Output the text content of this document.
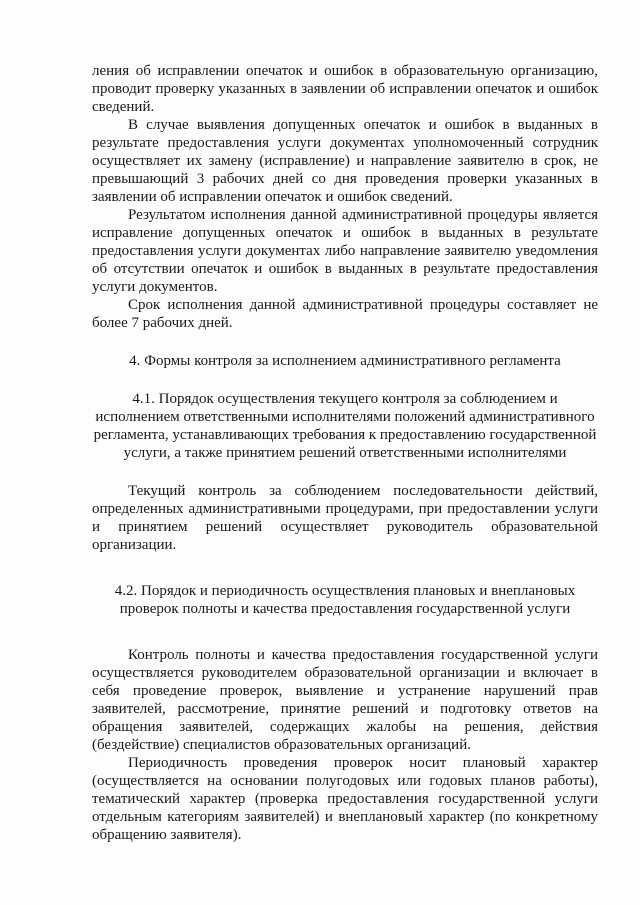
ления об исправлении опечаток и ошибок в образовательную организацию, проводит проверку указанных в заявлении об исправлении опечаток и ошибок сведений.

В случае выявления допущенных опечаток и ошибок в выданных в результате предоставления услуги документах уполномоченный сотрудник осуществляет их замену (исправление) и направление заявителю в срок, не превышающий 3 рабочих дней со дня проведения проверки указанных в заявлении об исправлении опечаток и ошибок сведений.

Результатом исполнения данной административной процедуры является исправление допущенных опечаток и ошибок в выданных в результате предоставления услуги документах либо направление заявителю уведомления об отсутствии опечаток и ошибок в выданных в результате предоставления услуги документов.

Срок исполнения данной административной процедуры составляет не более 7 рабочих дней.

4. Формы контроля за исполнением административного регламента

4.1. Порядок осуществления текущего контроля за соблюдением и исполнением ответственными исполнителями положений административного регламента, устанавливающих требования к предоставлению государственной услуги, а также принятием решений ответственными исполнителями

Текущий контроль за соблюдением последовательности действий, определенных административными процедурами, при предоставлении услуги и принятием решений осуществляет руководитель образовательной организации.

4.2. Порядок и периодичность осуществления плановых и внеплановых проверок полноты и качества предоставления государственной услуги

Контроль полноты и качества предоставления государственной услуги осуществляется руководителем образовательной организации и включает в себя проведение проверок, выявление и устранение нарушений прав заявителей, рассмотрение, принятие решений и подготовку ответов на обращения заявителей, содержащих жалобы на решения, действия (бездействие) специалистов образовательных организаций.

Периодичность проведения проверок носит плановый характер (осуществляется на основании полугодовых или годовых планов работы), тематический характер (проверка предоставления государственной услуги отдельным категориям заявителей) и внеплановый характер (по конкретному обращению заявителя).
